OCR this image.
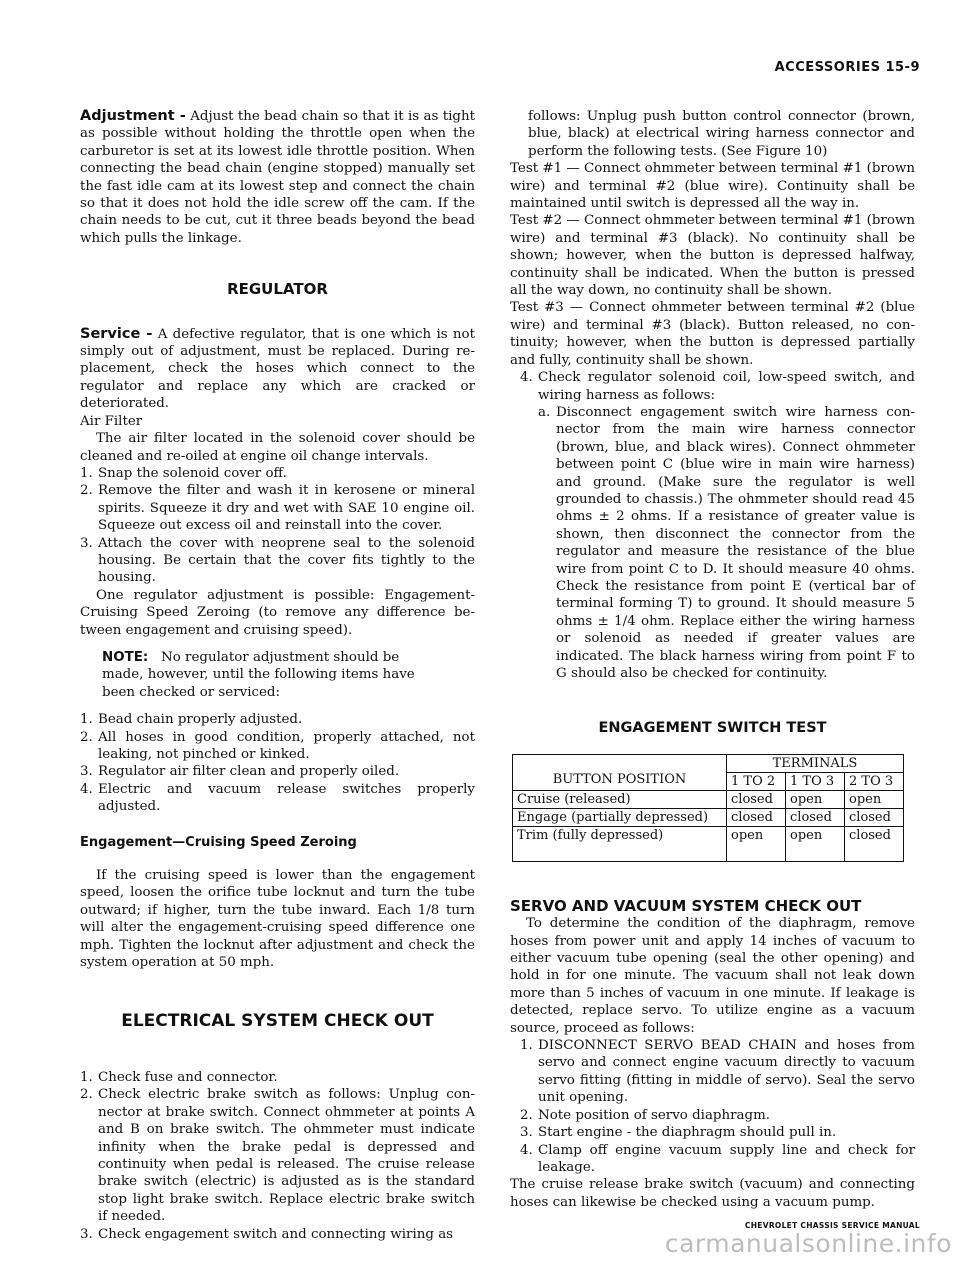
ACCESSORIES 15-9

Adjustment - Adjust the bead chain so that it is as tight as possible without holding the throttle open when the carburetor is set at its lowest idle throttle position. When connecting the bead chain (engine stopped) manually set the fast idle cam at its lowest step and connect the chain so that it does not hold the idle screw off the cam. If the chain needs to be cut, cut it three beads beyond the bead which pulls the linkage.

REGULATOR

Service - A defective regulator, that is one which is not simply out of adjustment, must be replaced. During replacement, check the hoses which connect to the regulator and replace any which are cracked or deteriorated.

Air Filter

The air filter located in the solenoid cover should be cleaned and re-oiled at engine oil change intervals.

1. Snap the solenoid cover off.
2. Remove the filter and wash it in kerosene or mineral spirits. Squeeze it dry and wet with SAE 10 engine oil. Squeeze out excess oil and reinstall into the cover.
3. Attach the cover with neoprene seal to the solenoid housing. Be certain that the cover fits tightly to the housing.

One regulator adjustment is possible: Engagement-Cruising Speed Zeroing (to remove any difference between engagement and cruising speed).

NOTE: No regulator adjustment should be made, however, until the following items have been checked or serviced:

1. Bead chain properly adjusted.
2. All hoses in good condition, properly attached, not leaking, not pinched or kinked.
3. Regulator air filter clean and properly oiled.
4. Electric and vacuum release switches properly adjusted.
Engagement—Cruising Speed Zeroing

If the cruising speed is lower than the engagement speed, loosen the orifice tube locknut and turn the tube outward; if higher, turn the tube inward. Each 1/8 turn will alter the engagement-cruising speed difference one mph. Tighten the locknut after adjustment and check the system operation at 50 mph.

ELECTRICAL SYSTEM CHECK OUT
1. Check fuse and connector.
2. Check electric brake switch as follows: Unplug connector at brake switch. Connect ohmmeter at points A and B on brake switch. The ohmmeter must indicate infinity when the brake pedal is depressed and continuity when pedal is released. The cruise release brake switch (electric) is adjusted as is the standard stop light brake switch. Replace electric brake switch if needed.
3. Check engagement switch and connecting wiring as

follows: Unplug push button control connector (brown, blue, black) at electrical wiring harness connector and perform the following tests. (See Figure 10)

Test #1 — Connect ohmmeter between terminal #1 (brown wire) and terminal #2 (blue wire). Continuity shall be maintained until switch is depressed all the way in.

Test #2 — Connect ohmmeter between terminal #1 (brown wire) and terminal #3 (black). No continuity shall be shown; however, when the button is depressed halfway, continuity shall be indicated. When the button is pressed all the way down, no continuity shall be shown.

Test #3 — Connect ohmmeter between terminal #2 (blue wire) and terminal #3 (black). Button released, no continuity; however, when the button is depressed partially and fully, continuity shall be shown.

4. Check regulator solenoid coil, low-speed switch, and wiring harness as follows:
a. Disconnect engagement switch wire harness connector from the main wire harness connector (brown, blue, and black wires). Connect ohmmeter between point C (blue wire in main wire harness) and ground. (Make sure the regulator is well grounded to chassis.) The ohmmeter should read 45 ohms ± 2 ohms. If a resistance of greater value is shown, then disconnect the connector from the regulator and measure the resistance of the blue wire from point C to D. It should measure 40 ohms. Check the resistance from point E (vertical bar of terminal forming T) to ground. It should measure 5 ohms ± 1/4 ohm. Replace either the wiring harness or solenoid as needed if greater values are indicated. The black harness wiring from point F to G should also be checked for continuity.
ENGAGEMENT SWITCH TEST
BUTTON POSITION	TERMINALS		
	1 TO 2	1 TO 3	2 TO 3
Cruise (released)	closed	open	open
Engage (partially depressed)	closed	closed	closed
Trim (fully depressed)	open	open	closed
SERVO AND VACUUM SYSTEM CHECK OUT

To determine the condition of the diaphragm, remove hoses from power unit and apply 14 inches of vacuum to either vacuum tube opening (seal the other opening) and hold in for one minute. The vacuum shall not leak down more than 5 inches of vacuum in one minute. If leakage is detected, replace servo. To utilize engine as a vacuum source, proceed as follows:

1. DISCONNECT SERVO BEAD CHAIN and hoses from servo and connect engine vacuum directly to vacuum servo fitting (fitting in middle of servo). Seal the servo unit opening.
2. Note position of servo diaphragm.
3. Start engine - the diaphragm should pull in.
4. Clamp off engine vacuum supply line and check for leakage.

The cruise release brake switch (vacuum) and connecting hoses can likewise be checked using a vacuum pump.

CHEVROLET CHASSIS SERVICE MANUAL
carmanualsonline.info
